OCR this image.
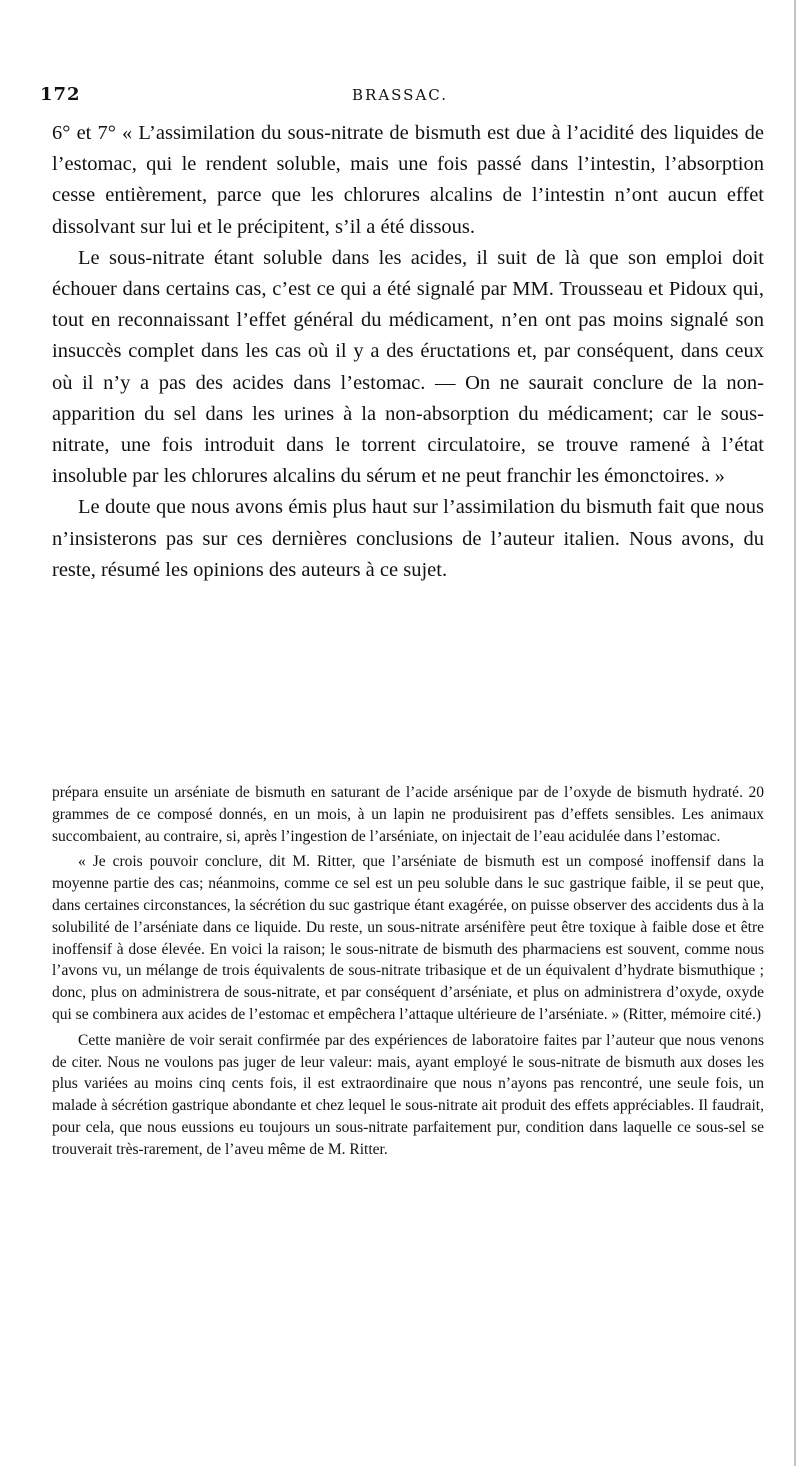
172	BRASSAC.

6° et 7° « L’assimilation du sous-nitrate de bismuth est due à l’acidité des liquides de l’estomac, qui le rendent soluble, mais une fois passé dans l’intestin, l’absorption cesse entièrement, parce que les chlorures alcalins de l’intestin n’ont aucun effet dissolvant sur lui et le précipitent, s’il a été dissous.

Le sous-nitrate étant soluble dans les acides, il suit de là que son emploi doit échouer dans certains cas, c’est ce qui a été signalé par MM. Trousseau et Pidoux qui, tout en reconnaissant l’effet général du médicament, n’en ont pas moins signalé son insuccès complet dans les cas où il y a des éructations et, par conséquent, dans ceux où il n’y a pas des acides dans l’estomac. — On ne saurait conclure de la non-apparition du sel dans les urines à la non-absorption du médicament; car le sous-nitrate, une fois introduit dans le torrent circulatoire, se trouve ramené à l’état insoluble par les chlorures alcalins du sérum et ne peut franchir les émonctoires. »

Le doute que nous avons émis plus haut sur l’assimilation du bismuth fait que nous n’insisterons pas sur ces dernières conclusions de l’auteur italien. Nous avons, du reste, résumé les opinions des auteurs à ce sujet.

prépara ensuite un arséniate de bismuth en saturant de l’acide arsénique par de l’oxyde de bismuth hydraté. 20 grammes de ce composé donnés, en un mois, à un lapin ne produisirent pas d’effets sensibles. Les animaux succombaient, au contraire, si, après l’ingestion de l’arséniate, on injectait de l’eau acidulée dans l’estomac.

« Je crois pouvoir conclure, dit M. Ritter, que l’arséniate de bismuth est un composé inoffensif dans la moyenne partie des cas; néanmoins, comme ce sel est un peu soluble dans le suc gastrique faible, il se peut que, dans certaines circonstances, la sécrétion du suc gastrique étant exagérée, on puisse observer des accidents dus à la solubilité de l’arséniate dans ce liquide. Du reste, un sous-nitrate arsénifère peut être toxique à faible dose et être inoffensif à dose élevée. En voici la raison; le sous-nitrate de bismuth des pharmaciens est souvent, comme nous l’avons vu, un mélange de trois équivalents de sous-nitrate tribasique et de un équivalent d’hydrate bismuthique ; donc, plus on administrera de sous-nitrate, et par conséquent d’arséniate, et plus on administrera d’oxyde, oxyde qui se combinera aux acides de l’estomac et empêchera l’attaque ultérieure de l’arséniate. » (Ritter, mémoire cité.)

Cette manière de voir serait confirmée par des expériences de laboratoire faites par l’auteur que nous venons de citer. Nous ne voulons pas juger de leur valeur: mais, ayant employé le sous-nitrate de bismuth aux doses les plus variées au moins cinq cents fois, il est extraordinaire que nous n’ayons pas rencontré, une seule fois, un malade à sécrétion gastrique abondante et chez lequel le sous-nitrate ait produit des effets appréciables. Il faudrait, pour cela, que nous eussions eu toujours un sous-nitrate parfaitement pur, condition dans laquelle ce sous-sel se trouverait très-rarement, de l’aveu même de M. Ritter.
